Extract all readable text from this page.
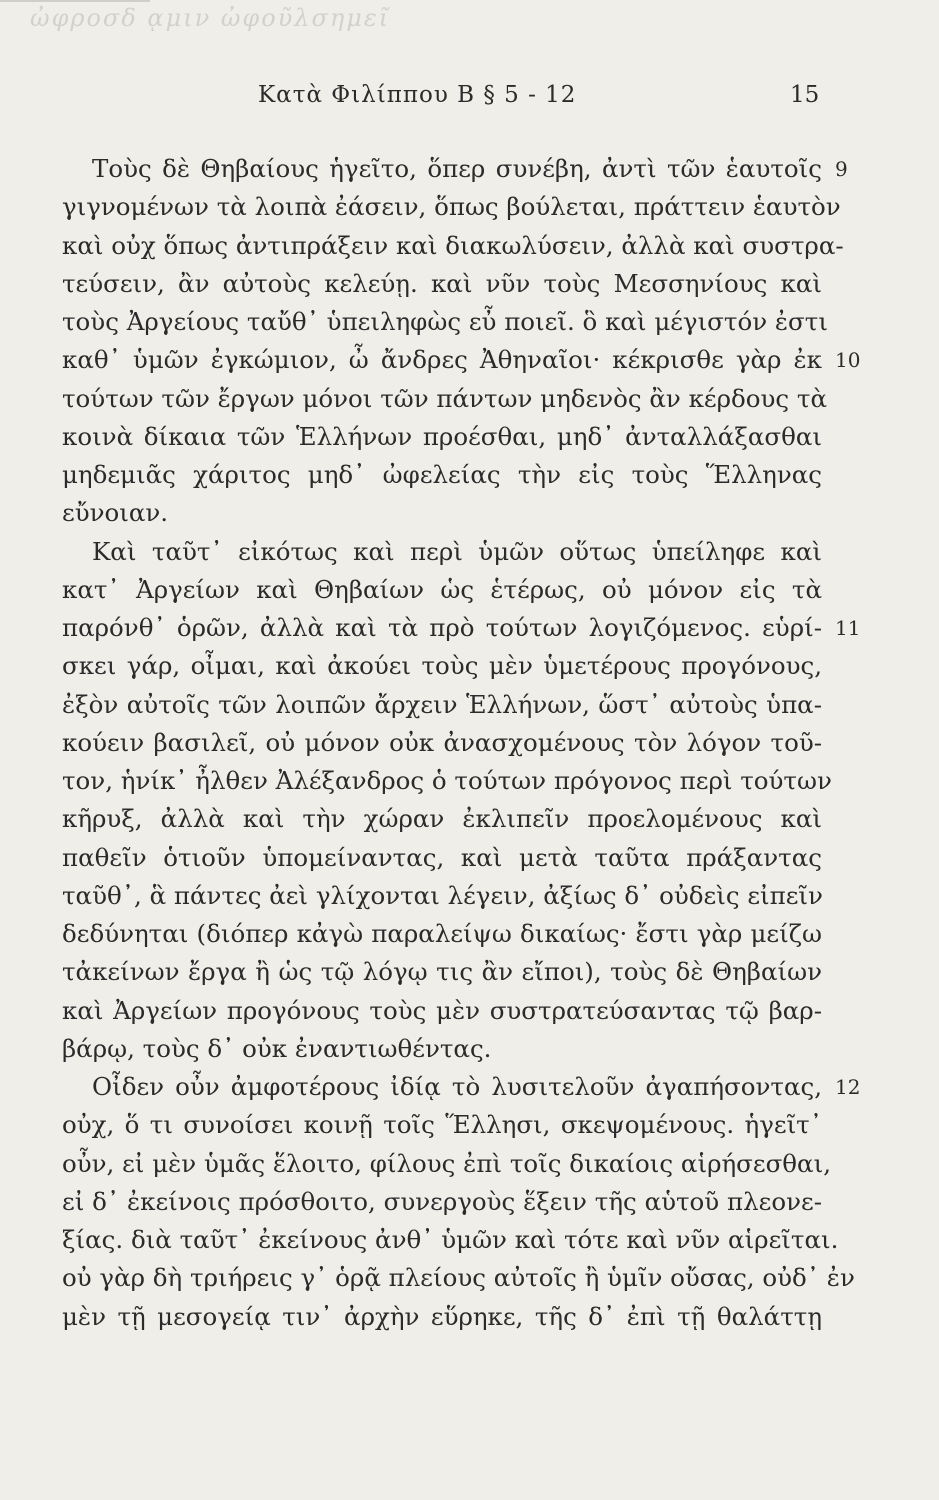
ὠφροσδ ᾳμιν ὠφοῦλσημεῖ
Κατὰ Φιλίππου Β § 5 - 12	15
Τοὺς δὲ Θηβαίους ἡγεῖτο, ὅπερ συνέβη, ἀντὶ τῶν ἑαυτοῖς 9
γιγνομένων τὰ λοιπὰ ἐάσειν, ὅπως βούλεται, πράττειν ἑαυτὸν
καὶ οὐχ ὅπως ἀντιπράξειν καὶ διακωλύσειν, ἀλλὰ καὶ συστρα-
τεύσειν, ἂν αὐτοὺς κελεύῃ. καὶ νῦν τοὺς Μεσσηνίους καὶ
τοὺς Ἀργείους ταὔθ᾽ ὑπειληφὼς εὖ ποιεῖ. ὃ καὶ μέγιστόν ἐστι
καθ᾽ ὑμῶν ἐγκώμιον, ὦ ἄνδρες Ἀθηναῖοι· κέκρισθε γὰρ ἐκ 10
τούτων τῶν ἔργων μόνοι τῶν πάντων μηδενὸς ἂν κέρδους τὰ
κοινὰ δίκαια τῶν Ἑλλήνων προέσθαι, μηδ᾽ ἀνταλλάξασθαι
μηδεμιᾶς χάριτος μηδ᾽ ὠφελείας τὴν εἰς τοὺς Ἕλληνας
εὔνοιαν.
Καὶ ταῦτ᾽ εἰκότως καὶ περὶ ὑμῶν οὕτως ὑπείληφε καὶ
κατ᾽ Ἀργείων καὶ Θηβαίων ὡς ἑτέρως, οὐ μόνον εἰς τὰ
παρόνθ᾽ ὁρῶν, ἀλλὰ καὶ τὰ πρὸ τούτων λογιζόμενος. εὑρί- 11
σκει γάρ, οἶμαι, καὶ ἀκούει τοὺς μὲν ὑμετέρους προγόνους,
ἐξὸν αὐτοῖς τῶν λοιπῶν ἄρχειν Ἑλλήνων, ὥστ᾽ αὐτοὺς ὑπα-
κούειν βασιλεῖ, οὐ μόνον οὐκ ἀνασχομένους τὸν λόγον τοῦ-
τον, ἡνίκ᾽ ἦλθεν Ἀλέξανδρος ὁ τούτων πρόγονος περὶ τούτων
κῆρυξ, ἀλλὰ καὶ τὴν χώραν ἐκλιπεῖν προελομένους καὶ
παθεῖν ὁτιοῦν ὑπομείναντας, καὶ μετὰ ταῦτα πράξαντας
ταῦθ᾽, ἃ πάντες ἀεὶ γλίχονται λέγειν, ἀξίως δ᾽ οὐδεὶς εἰπεῖν
δεδύνηται (διόπερ κἀγὼ παραλείψω δικαίως· ἔστι γὰρ μείζω
τἀκείνων ἔργα ἢ ὡς τῷ λόγῳ τις ἂν εἴποι), τοὺς δὲ Θηβαίων
καὶ Ἀργείων προγόνους τοὺς μὲν συστρατεύσαντας τῷ βαρ-
βάρῳ, τοὺς δ᾽ οὐκ ἐναντιωθέντας.
Οἶδεν οὖν ἀμφοτέρους ἰδίᾳ τὸ λυσιτελοῦν ἀγαπήσοντας, 12
οὐχ, ὅ τι συνοίσει κοινῇ τοῖς Ἕλλησι, σκεψομένους. ἡγεῖτ᾽
οὖν, εἰ μὲν ὑμᾶς ἕλοιτο, φίλους ἐπὶ τοῖς δικαίοις αἱρήσεσθαι,
εἰ δ᾽ ἐκείνοις πρόσθοιτο, συνεργοὺς ἕξειν τῆς αὑτοῦ πλεονε-
ξίας. διὰ ταῦτ᾽ ἐκείνους ἀνθ᾽ ὑμῶν καὶ τότε καὶ νῦν αἱρεῖται.
οὐ γὰρ δὴ τριήρεις γ᾽ ὁρᾷ πλείους αὐτοῖς ἢ ὑμῖν οὔσας, οὐδ᾽ ἐν
μὲν τῇ μεσογείᾳ τιν᾽ ἀρχὴν εὕρηκε, τῆς δ᾽ ἐπὶ τῇ θαλάττῃ
